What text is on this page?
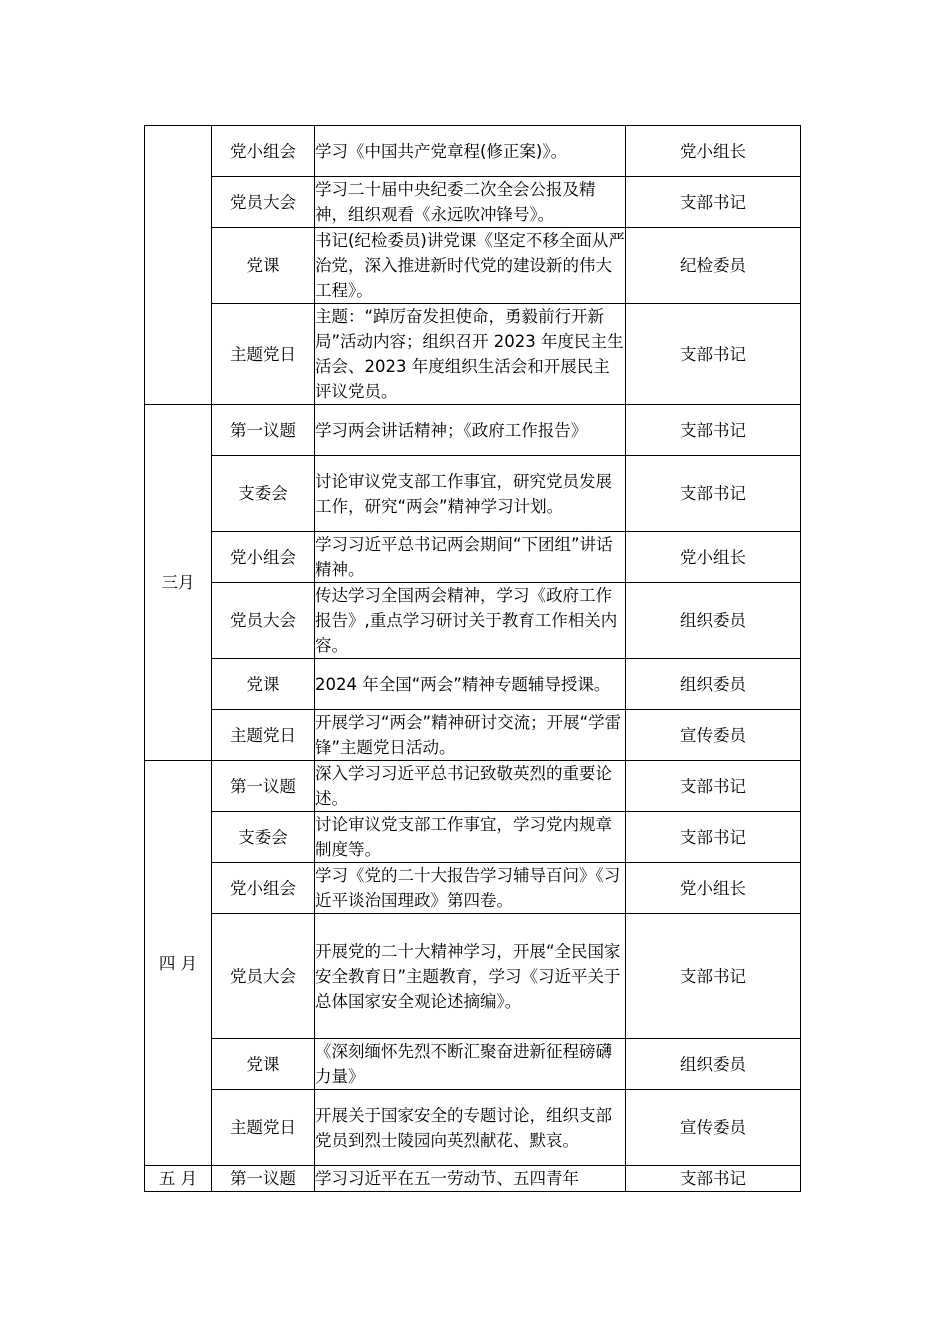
	党小组会	学习《中国共产党章程(修正案)》。	党小组长
	党员大会	学习二十届中央纪委二次全会公报及精神，组织观看《永远吹冲锋号》。	支部书记
	党课	书记(纪检委员)讲党课《坚定不移全面从严治党，深入推进新时代党的建设新的伟大工程》。	纪检委员
	主题党日	主题：“踔厉奋发担使命，勇毅前行开新局”活动内容；组织召开 2023 年度民主生活会、2023 年度组织生活会和开展民主评议党员。	支部书记
三月	第一议题	学习两会讲话精神；《政府工作报告》	支部书记
	支委会	讨论审议党支部工作事宜，研究党员发展工作，研究“两会”精神学习计划。	支部书记
	党小组会	学习习近平总书记两会期间“下团组”讲话精神。	党小组长
	党员大会	传达学习全国两会精神，学习《政府工作报告》,重点学习研讨关于教育工作相关内容。	组织委员
	党课	2024 年全国“两会”精神专题辅导授课。	组织委员
	主题党日	开展学习“两会”精神研讨交流；开展“学雷锋”主题党日活动。	宣传委员
四 月	第一议题	深入学习习近平总书记致敬英烈的重要论述。	支部书记
	支委会	讨论审议党支部工作事宜，学习党内规章制度等。	支部书记
	党小组会	学习《党的二十大报告学习辅导百问》《习近平谈治国理政》第四卷。	党小组长
	党员大会	开展党的二十大精神学习，开展“全民国家安全教育日”主题教育，学习《习近平关于总体国家安全观论述摘编》。	支部书记
	党课	《深刻缅怀先烈不断汇聚奋进新征程磅礴力量》	组织委员
	主题党日	开展关于国家安全的专题讨论，组织支部党员到烈士陵园向英烈献花、默哀。	宣传委员
五 月	第一议题	学习习近平在五一劳动节、五四青年	支部书记
